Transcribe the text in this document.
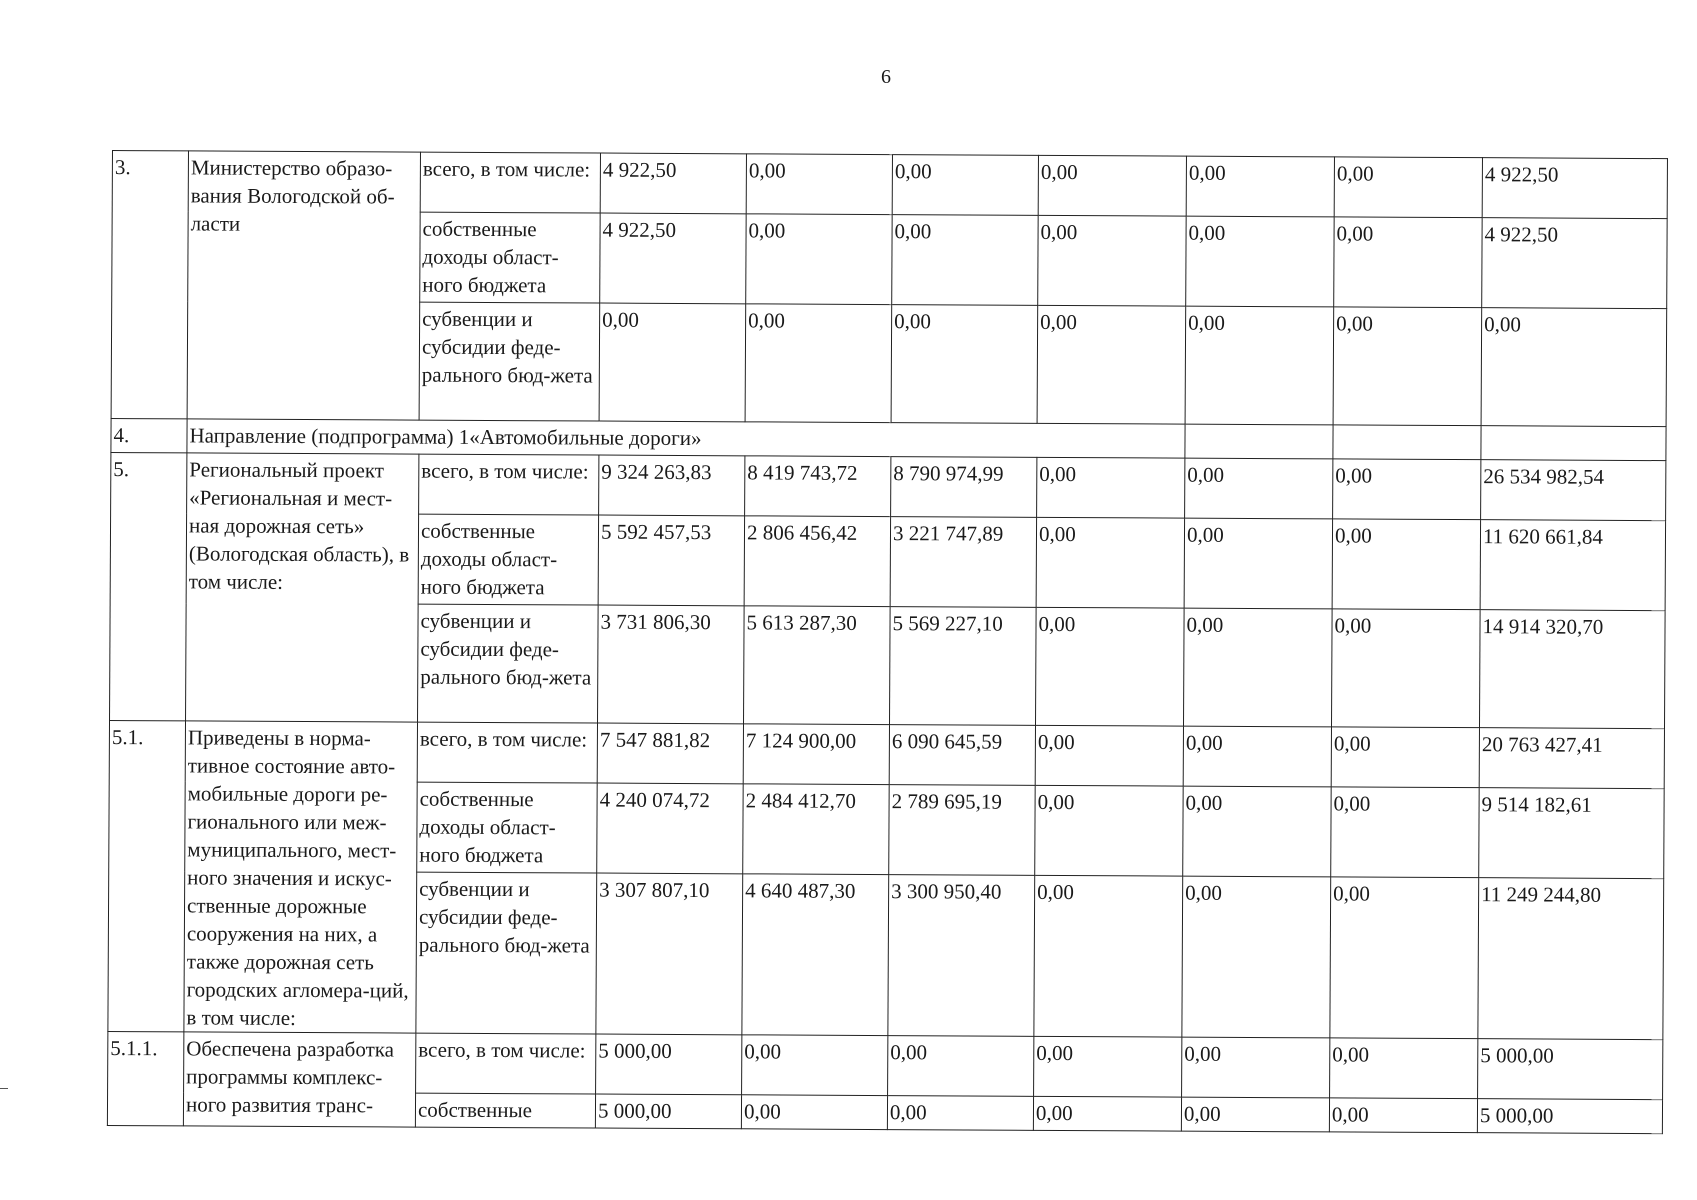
6
3.	Министерство образо-вания Вологодской об-ласти	всего, в том числе:	4 922,50	0,00	0,00	0,00	0,00	0,00	4 922,50
		собственные доходы област-ного бюджета	4 922,50	0,00	0,00	0,00	0,00	0,00	4 922,50
		субвенции и субсидии феде-рального бюд-жета	0,00	0,00	0,00	0,00	0,00	0,00	0,00
4.	Направление (подпрограмма) 1«Автомобильные дороги»								
5.	Региональный проект «Региональная и мест-ная дорожная сеть» (Вологодская область), в том числе:	всего, в том числе:	9 324 263,83	8 419 743,72	8 790 974,99	0,00	0,00	0,00	26 534 982,54
		собственные доходы област-ного бюджета	5 592 457,53	2 806 456,42	3 221 747,89	0,00	0,00	0,00	11 620 661,84
		субвенции и субсидии феде-рального бюд-жета	3 731 806,30	5 613 287,30	5 569 227,10	0,00	0,00	0,00	14 914 320,70
5.1.	Приведены в норма-тивное состояние авто-мобильные дороги ре-гионального или меж-муниципального, мест-ного значения и искус-ственные дорожные сооружения на них, а также дорожная сеть городских агломера-ций, в том числе:	всего, в том числе:	7 547 881,82	7 124 900,00	6 090 645,59	0,00	0,00	0,00	20 763 427,41
		собственные доходы област-ного бюджета	4 240 074,72	2 484 412,70	2 789 695,19	0,00	0,00	0,00	9 514 182,61
		субвенции и субсидии феде-рального бюд-жета	3 307 807,10	4 640 487,30	3 300 950,40	0,00	0,00	0,00	11 249 244,80
5.1.1.	Обеспечена разработка программы комплекс-ного развития транс-	всего, в том числе:	5 000,00	0,00	0,00	0,00	0,00	0,00	5 000,00
		собственные	5 000,00	0,00	0,00	0,00	0,00	0,00	5 000,00
